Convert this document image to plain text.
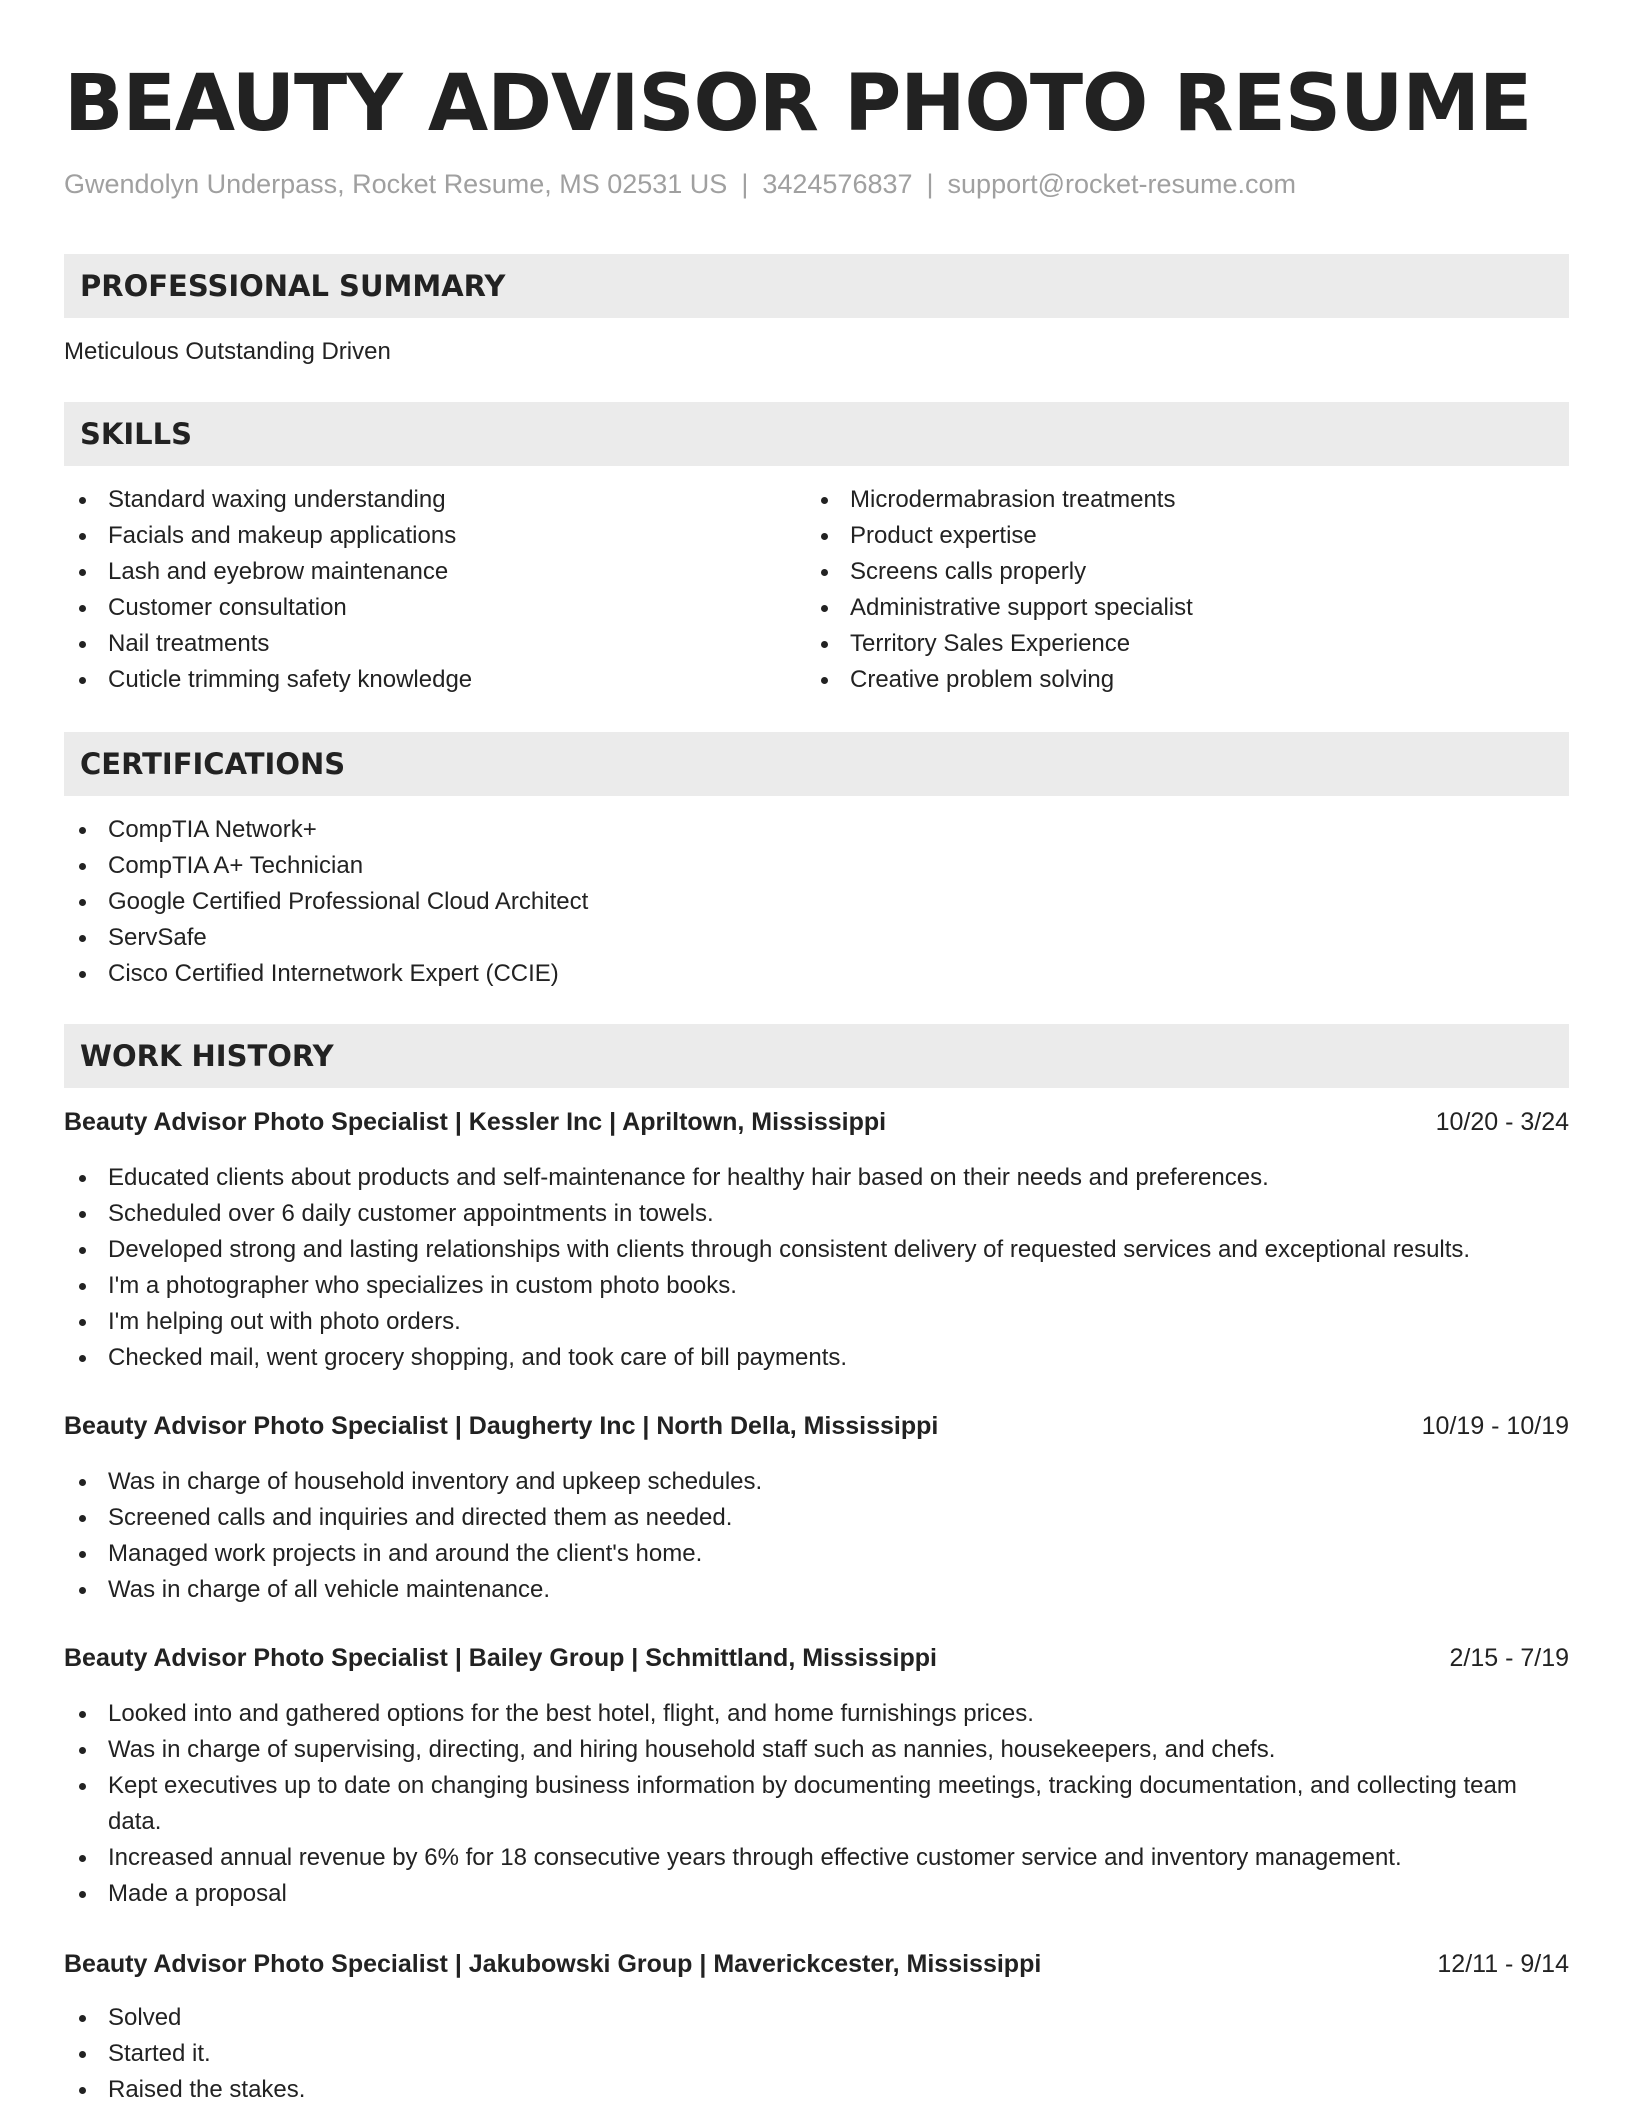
BEAUTY ADVISOR PHOTO RESUME
Gwendolyn Underpass, Rocket Resume, MS 02531 US | 3424576837 | support@rocket-resume.com
PROFESSIONAL SUMMARY
Meticulous Outstanding Driven
SKILLS
Standard waxing understanding
Facials and makeup applications
Lash and eyebrow maintenance
Customer consultation
Nail treatments
Cuticle trimming safety knowledge
Microdermabrasion treatments
Product expertise
Screens calls properly
Administrative support specialist
Territory Sales Experience
Creative problem solving
CERTIFICATIONS
CompTIA Network+
CompTIA A+ Technician
Google Certified Professional Cloud Architect
ServSafe
Cisco Certified Internetwork Expert (CCIE)
WORK HISTORY
Beauty Advisor Photo Specialist | Kessler Inc | Apriltown, Mississippi	10/20 - 3/24
Educated clients about products and self-maintenance for healthy hair based on their needs and preferences.
Scheduled over 6 daily customer appointments in towels.
Developed strong and lasting relationships with clients through consistent delivery of requested services and exceptional results.
I'm a photographer who specializes in custom photo books.
I'm helping out with photo orders.
Checked mail, went grocery shopping, and took care of bill payments.
Beauty Advisor Photo Specialist | Daugherty Inc | North Della, Mississippi	10/19 - 10/19
Was in charge of household inventory and upkeep schedules.
Screened calls and inquiries and directed them as needed.
Managed work projects in and around the client's home.
Was in charge of all vehicle maintenance.
Beauty Advisor Photo Specialist | Bailey Group | Schmittland, Mississippi	2/15 - 7/19
Looked into and gathered options for the best hotel, flight, and home furnishings prices.
Was in charge of supervising, directing, and hiring household staff such as nannies, housekeepers, and chefs.
Kept executives up to date on changing business information by documenting meetings, tracking documentation, and collecting team data.
Increased annual revenue by 6% for 18 consecutive years through effective customer service and inventory management.
Made a proposal
Beauty Advisor Photo Specialist | Jakubowski Group | Maverickcester, Mississippi	12/11 - 9/14
Solved
Started it.
Raised the stakes.
